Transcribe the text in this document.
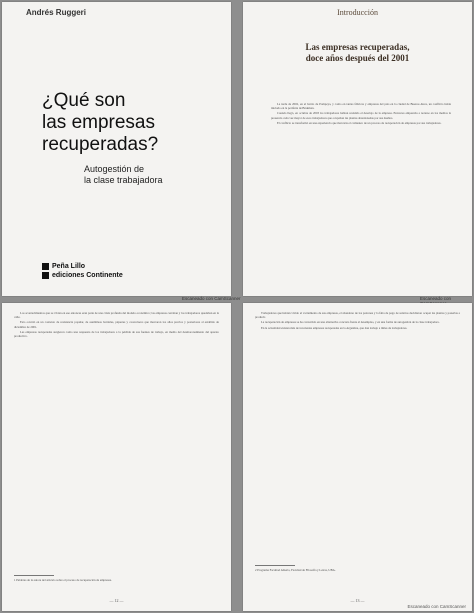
Andrés Ruggeri
¿Qué son
las empresas
recuperadas?
Autogestión de
la clase trabajadora
Peña Lillo
ediciones Continente
Introducción
Las empresas recuperadas,
doce años después del 2001

La tarde de 2002, en el barrio de Pompeya, y como en tantas fábricas y empresas del país en la ciudad de Buenos Aires, un conflicto había iniciado en la periferia de Brukman.

Cuando llegó, en octubre de 2003 los trabajadores habían resistido el desalojo de la empresa. Entonces empezaba a notarse en los medios la presencia cada vez mayor de esos trabajadores que ocupaban las plantas abandonadas por sus dueños.

El conflicto se transformó en una experiencia que marcaría el comienzo de un proceso de recuperación de empresas por sus trabajadores.

Escaneado con CamScanner	Escaneado con

Los acontecimientos que se vivían en ese entonces eran parte de una crisis profunda del modelo económico; las empresas cerraban y los trabajadores quedaban en la calle.

Esto ocurrió en un contexto de resistencia popular, de asambleas barriales, piquetes y cacerolazos que marcaron los años previos y posteriores al estallido de diciembre de 2001.

Las empresas recuperadas surgieron como una respuesta de los trabajadores a la pérdida de sus fuentes de trabajo, en medio del desmoronamiento del aparato productivo.

1 Palabras de la autora del artículo sobre el proceso de recuperación de empresas.
— 12 —

Trabajadores que habían vivido el vaciamiento de sus empresas, el abandono de los patrones y la falta de pago de salarios decidieron ocupar las plantas y ponerlas a producir.

La recuperación de empresas se ha convertido en una alternativa concreta frente al desempleo, y en una forma de autogestión de la clase trabajadora.

En la actualidad existen más de trescientas empresas recuperadas en la Argentina, que dan trabajo a miles de trabajadores.

2 Programa Facultad Abierta, Facultad de Filosofía y Letras, UBA.
— 13 —
Escaneado con CamScanner
